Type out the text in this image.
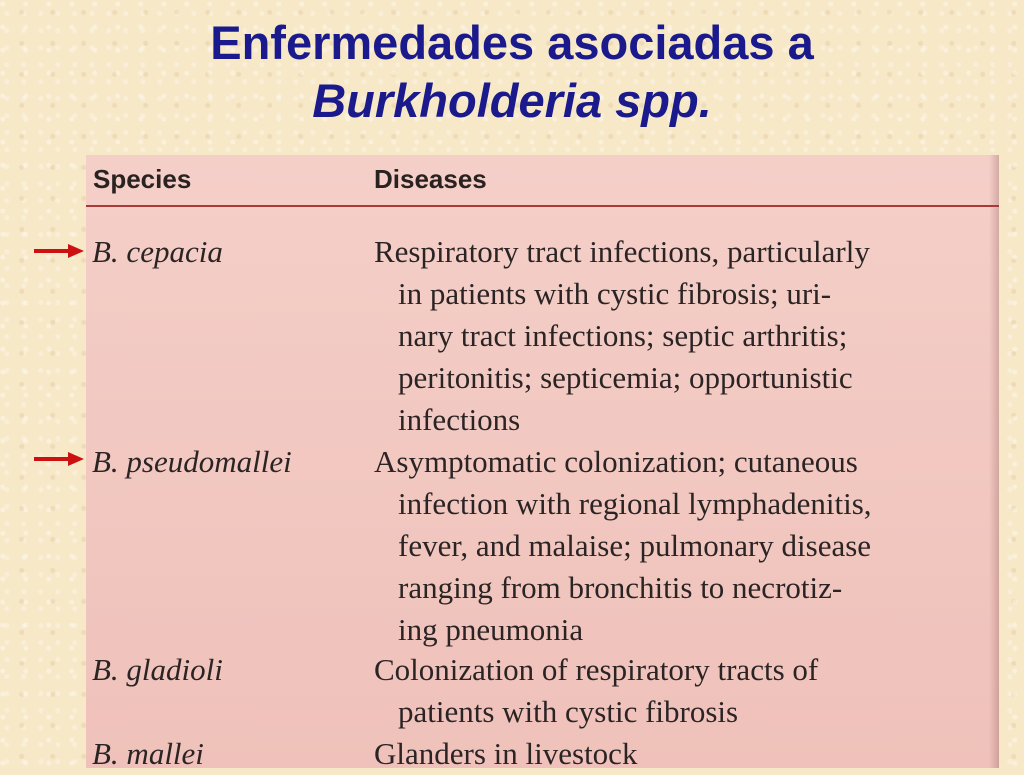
Enfermedades asociadas a
Burkholderia spp.
Species	Diseases
B. cepacia	Respiratory tract infections, particularly
in patients with cystic fibrosis; uri-
nary tract infections; septic arthritis;
peritonitis; septicemia; opportunistic
infections
B. pseudomallei	Asymptomatic colonization; cutaneous
infection with regional lymphadenitis,
fever, and malaise; pulmonary disease
ranging from bronchitis to necrotiz-
ing pneumonia
B. gladioli	Colonization of respiratory tracts of
patients with cystic fibrosis
B. mallei	Glanders in livestock
